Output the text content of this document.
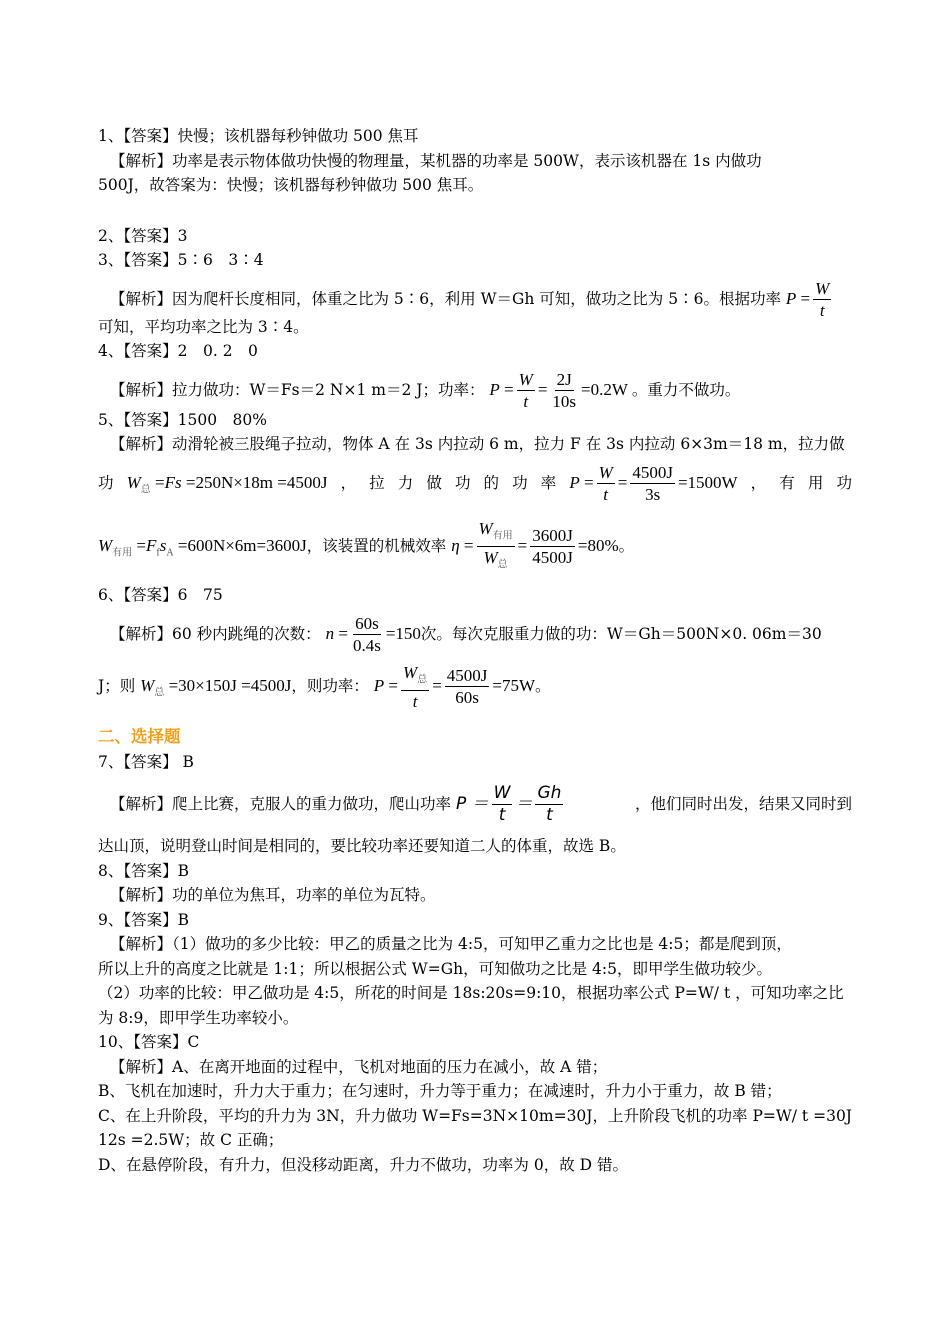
1、【答案】快慢；该机器每秒钟做功 500 焦耳

【解析】功率是表示物体做功快慢的物理量，某机器的功率是 500W，表示该机器在 1s 内做功

500J，故答案为：快慢；该机器每秒钟做功 500 焦耳。

2、【答案】3

3、【答案】5∶6　3∶4

【解析】因为爬杆长度相同，体重之比为 5∶6，利用 W＝Gh 可知，做功之比为 5∶6。根据功率 $P = \frac{W}{t}$

可知，平均功率之比为 3∶4。

4、【答案】2　0. 2　0

【解析】拉力做功：W＝Fs＝2 N×1 m＝2 J；功率： $P = \frac{W}{t} = \frac{2J}{10s} =0.2W$ 。重力不做功。

5、【答案】1500　80%

【解析】动滑轮被三股绳子拉动，物体 A 在 3s 内拉动 6 m，拉力 F 在 3s 内拉动 6×3m＝18 m，拉力做

功 $W_总 =Fs =250N\times 18m =4500J$ ， 拉 力 做 功 的 功 率 $P = \frac{W}{t} = \frac{4500J}{3s} =1500W$ ， 有 用 功

$W_{有用} =F_fs_A =600N\times 6m=3600J$，该装置的机械效率 $\eta = \frac{W_{有用}}{W_总} = \frac{3600J}{4500J} =80\%$。

6、【答案】6　75

【解析】60 秒内跳绳的次数： $n = \frac{60s}{0.4s} =150$次。每次克服重力做的功：W＝Gh＝500N×0. 06m＝30

J；则 $W_总 =30\times 150J =4500J$，则功率： $P = \frac{W_总}{t} = \frac{4500J}{60s} =75W$。

二、选择题

7、【答案】 B

【解析】爬上比赛，克服人的重力做功，爬山功率 $P = \frac{W}{t} = \frac{Gh}{t}$	，他们同时出发，结果又同时到

达山顶，说明登山时间是相同的，要比较功率还要知道二人的体重，故选 B。

8、【答案】B

【解析】功的单位为焦耳，功率的单位为瓦特。

9、【答案】B

【解析】（1）做功的多少比较：甲乙的质量之比为 4:5，可知甲乙重力之比也是 4:5；都是爬到顶，

所以上升的高度之比就是 1:1；所以根据公式 W=Gh，可知做功之比是 4:5，即甲学生做功较少。

（2）功率的比较：甲乙做功是 4:5，所花的时间是 18s:20s=9:10，根据功率公式 P=W/ t ，可知功率之比

为 8:9，即甲学生功率较小。

10、【答案】C

【解析】A、在离开地面的过程中，飞机对地面的压力在减小，故 A 错；

B、飞机在加速时，升力大于重力；在匀速时，升力等于重力；在减速时，升力小于重力，故 B 错；

C、在上升阶段，平均的升力为 3N，升力做功 W=Fs=3N×10m=30J，上升阶段飞机的功率 P=W/ t =30J

12s =2.5W；故 C 正确；

D、在悬停阶段，有升力，但没移动距离，升力不做功，功率为 0，故 D 错。
